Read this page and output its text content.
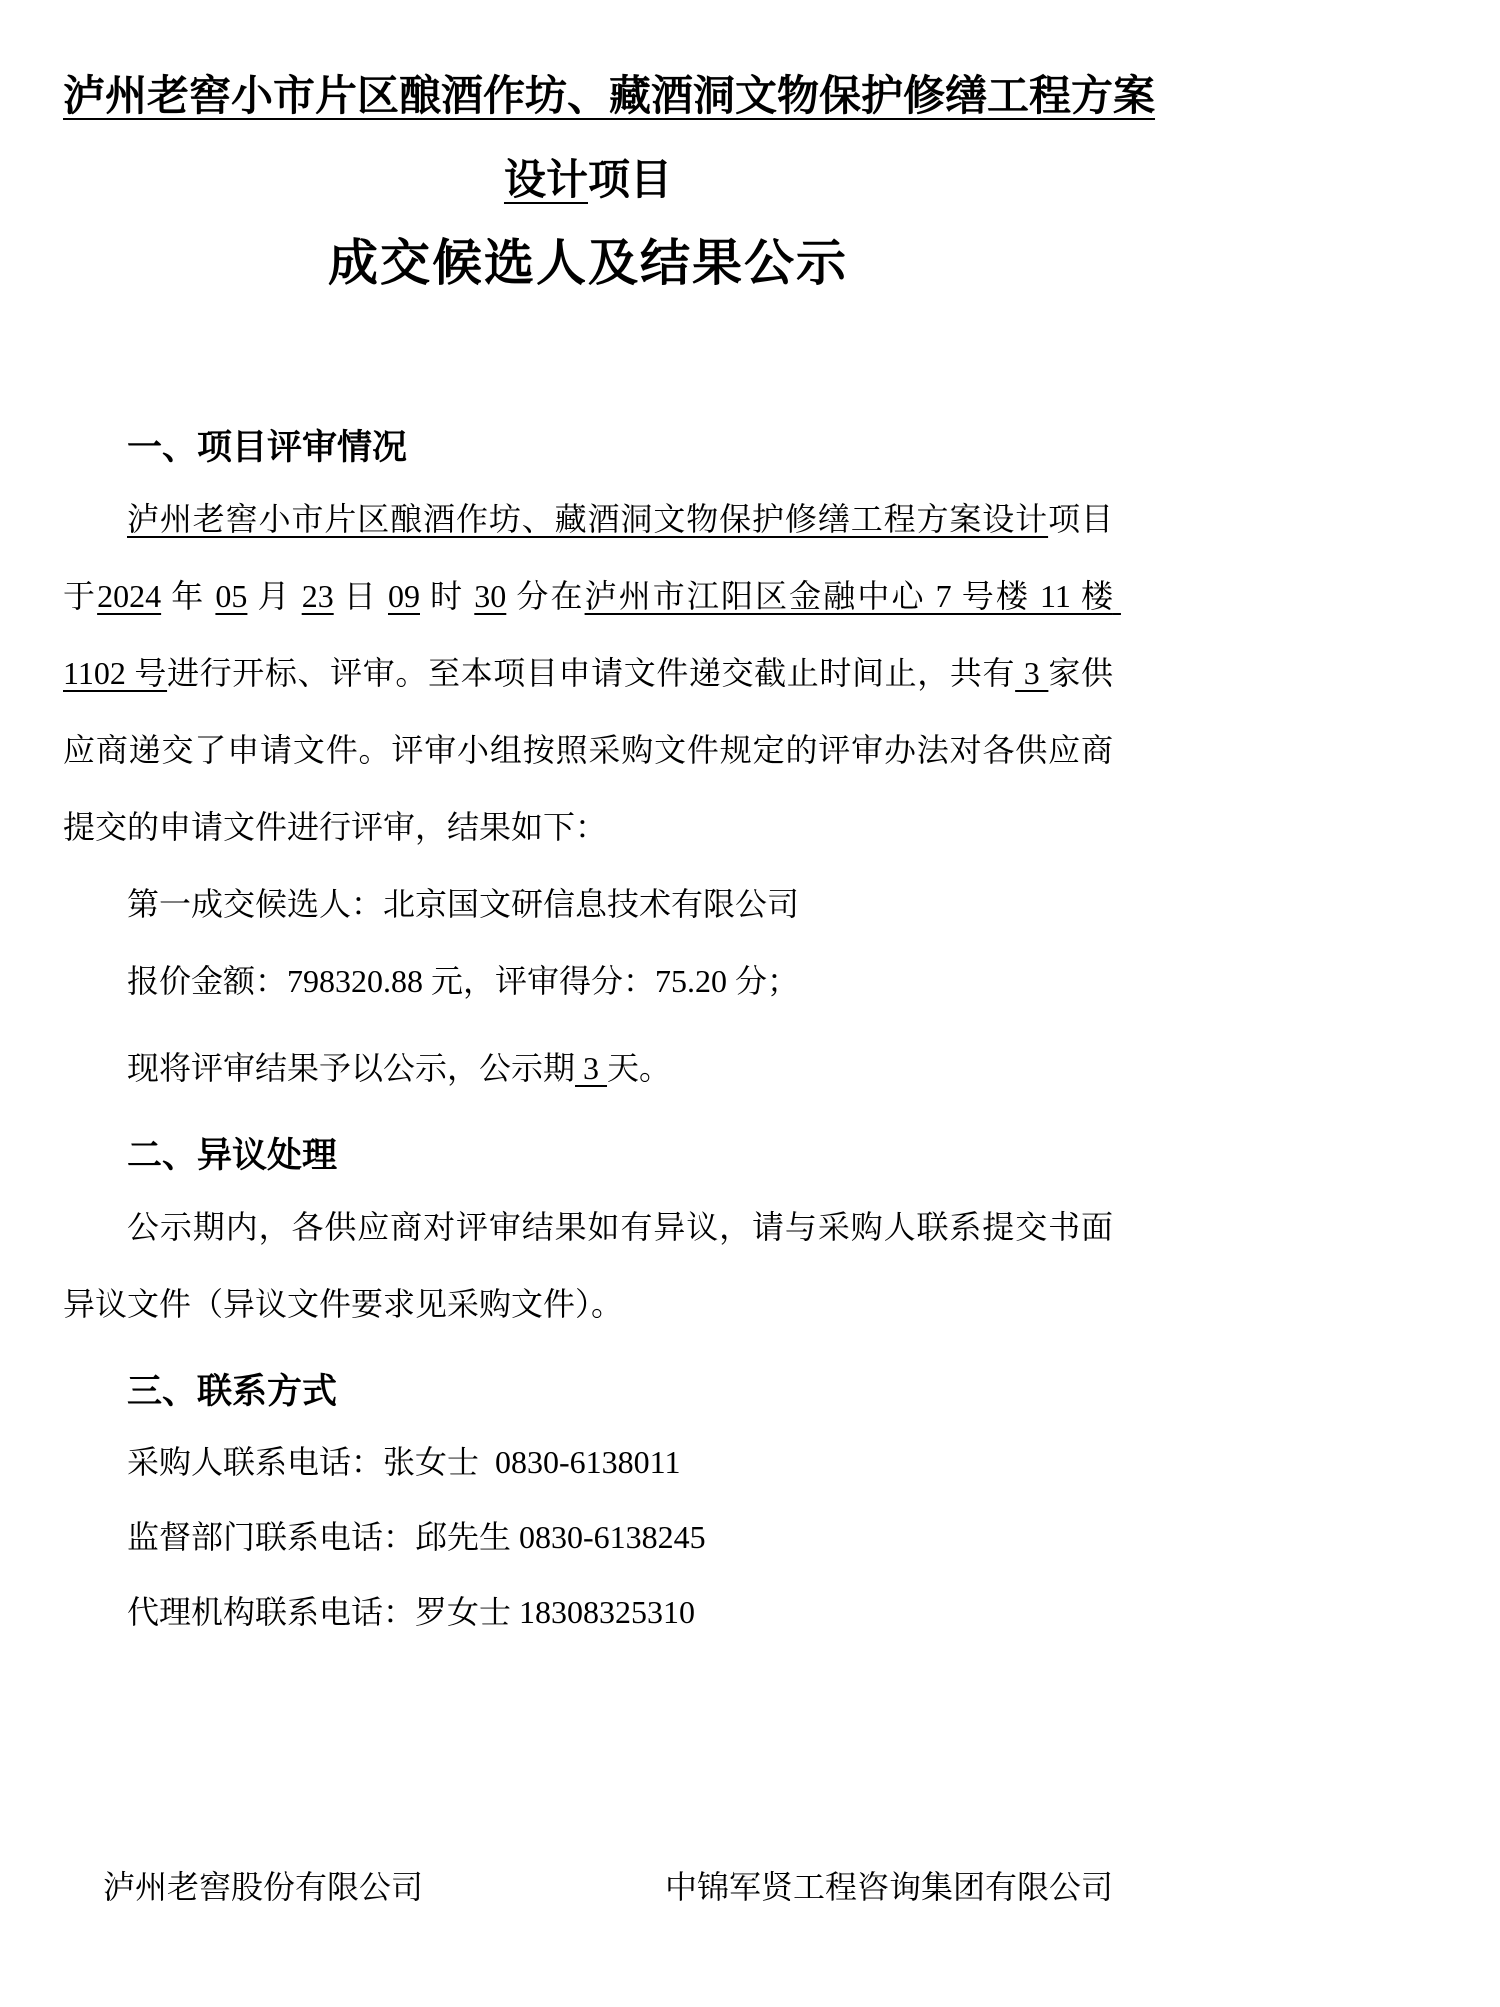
泸州老窖小市片区酿酒作坊、藏酒洞文物保护修缮工程方案
设计项目
成交候选人及结果公示
一、项目评审情况

泸州老窖小市片区酿酒作坊、藏酒洞文物保护修缮工程方案设计项目于2024 年 05 月 23 日 09 时 30 分在泸州市江阳区金融中心 7 号楼 11 楼 1102 号进行开标、评审。至本项目申请文件递交截止时间止，共有 3 家供应商递交了申请文件。评审小组按照采购文件规定的评审办法对各供应商提交的申请文件进行评审，结果如下：

第一成交候选人：北京国文研信息技术有限公司

报价金额：798320.88 元，评审得分：75.20 分；

现将评审结果予以公示，公示期 3 天。

二、异议处理

公示期内，各供应商对评审结果如有异议，请与采购人联系提交书面异议文件（异议文件要求见采购文件）。

三、联系方式

采购人联系电话：张女士  0830-6138011

监督部门联系电话：邱先生 0830-6138245

代理机构联系电话：罗女士 18308325310

泸州老窖股份有限公司	中锦军贤工程咨询集团有限公司
